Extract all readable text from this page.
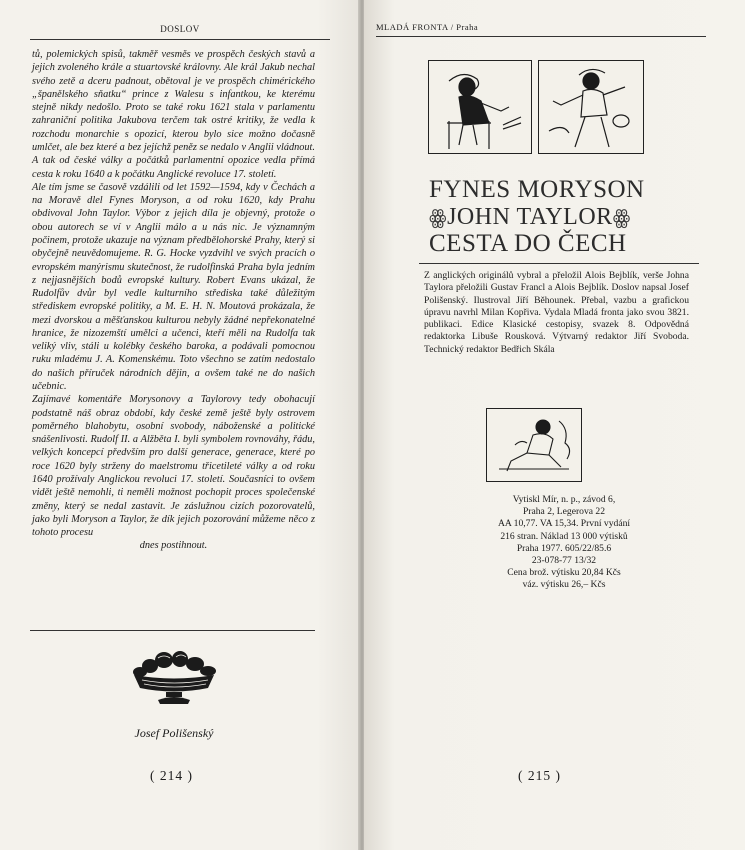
DOSLOV

tů, polemických spisů, takměř vesměs ve prospěch českých stavů a jejich zvoleného krále a stuartovské královny. Ale král Jakub nechal svého zetě a dceru padnout, obětoval je ve prospěch chimérického „španělského sňatku“ prince z Walesu s infantkou, ke kterému stejně nikdy nedošlo. Proto se také roku 1621 stala v parlamentu zahraniční politika Jakubova terčem tak ostré kritiky, že vedla k rozchodu monarchie s opozicí, kterou bylo sice možno dočasně umlčet, ale bez které a bez jejíchž peněz se nedalo v Anglii vládnout. A tak od české války a počátků parlamentní opozice vedla přímá cesta k roku 1640 a k počátku Anglické revoluce 17. století.

Ale tím jsme se časově vzdálili od let 1592—1594, kdy v Čechách a na Moravě dlel Fynes Moryson, a od roku 1620, kdy Prahu obdivoval John Taylor. Výbor z jejich díla je objevný, protože o obou autorech se ví v Anglii málo a u nás nic. Je významným počinem, protože ukazuje na význam předbělohorské Prahy, který si obyčejně neuvědomujeme. R. G. Hocke vyzdvihl ve svých pracích o evropském manýrismu skutečnost, že rudolfinská Praha byla jedním z nejjasnějších bodů evropské kultury. Robert Evans ukázal, že Rudolfův dvůr byl vedle kulturního střediska také důležitým střediskem evropské politiky, a M. E. H. N. Moutová prokázala, že mezi dvorskou a měšťanskou kulturou nebyly žádné nepřekonatelné hranice, že nizozemští umělci a učenci, kteří měli na Rudolfa tak veliký vliv, stáli u kolébky českého baroka, a podávali pomocnou ruku mladému J. A. Komenskému. Toto všechno se zatím nedostalo do našich příruček národních dějin, a ovšem také ne do našich učebnic.

Zajímavé komentáře Morysonovy a Taylorovy tedy obohacují podstatně náš obraz období, kdy české země ještě byly ostrovem poměrného blahobytu, osobní svobody, náboženské a politické snášenlivosti. Rudolf II. a Alžběta I. byli symbolem rovnováhy, řádu, velkých koncepcí předvším pro další generace, generace, které po roce 1620 byly strženy do maelstromu třicetileté války a od roku 1640 prožívaly Anglickou revoluci 17. století. Současníci to ovšem vidět ještě nemohli, ti neměli možnost pochopit proces společenské změny, který se nedal zastavit. Je záslužnou cizích pozorovatelů, jako byli Moryson a Taylor, že dík jejich pozorování můžeme něco z tohoto procesu

dnes postihnout.

Josef Polišenský
( 214 )
MLADÁ FRONTA / Praha
FYNES MORYSON
ꙮJOHN TAYLORꙮ
CESTA DO ČECH
Z anglických originálů vybral a přeložil Alois Bejblík, verše Johna Taylora přeložili Gustav Francl a Alois Bejblík. Doslov napsal Josef Polišenský. Ilustroval Jiří Běhounek. Přebal, vazbu a grafickou úpravu navrhl Milan Kopřiva. Vydala Mladá fronta jako svou 3821. publikaci. Edice Klasické cestopisy, svazek 8. Odpovědná redaktorka Libuše Rousková. Výtvarný redaktor Jiří Svoboda. Technický redaktor Bedřich Skála
Vytiskl Mír, n. p., závod 6,
Praha 2, Legerova 22
AA 10,77. VA 15,34. První vydání
216 stran. Náklad 13 000 výtisků
Praha 1977. 605/22/85.6
23-078-77 13/32
Cena brož. výtisku 20,84 Kčs
váz. výtisku 26,– Kčs
( 215 )
